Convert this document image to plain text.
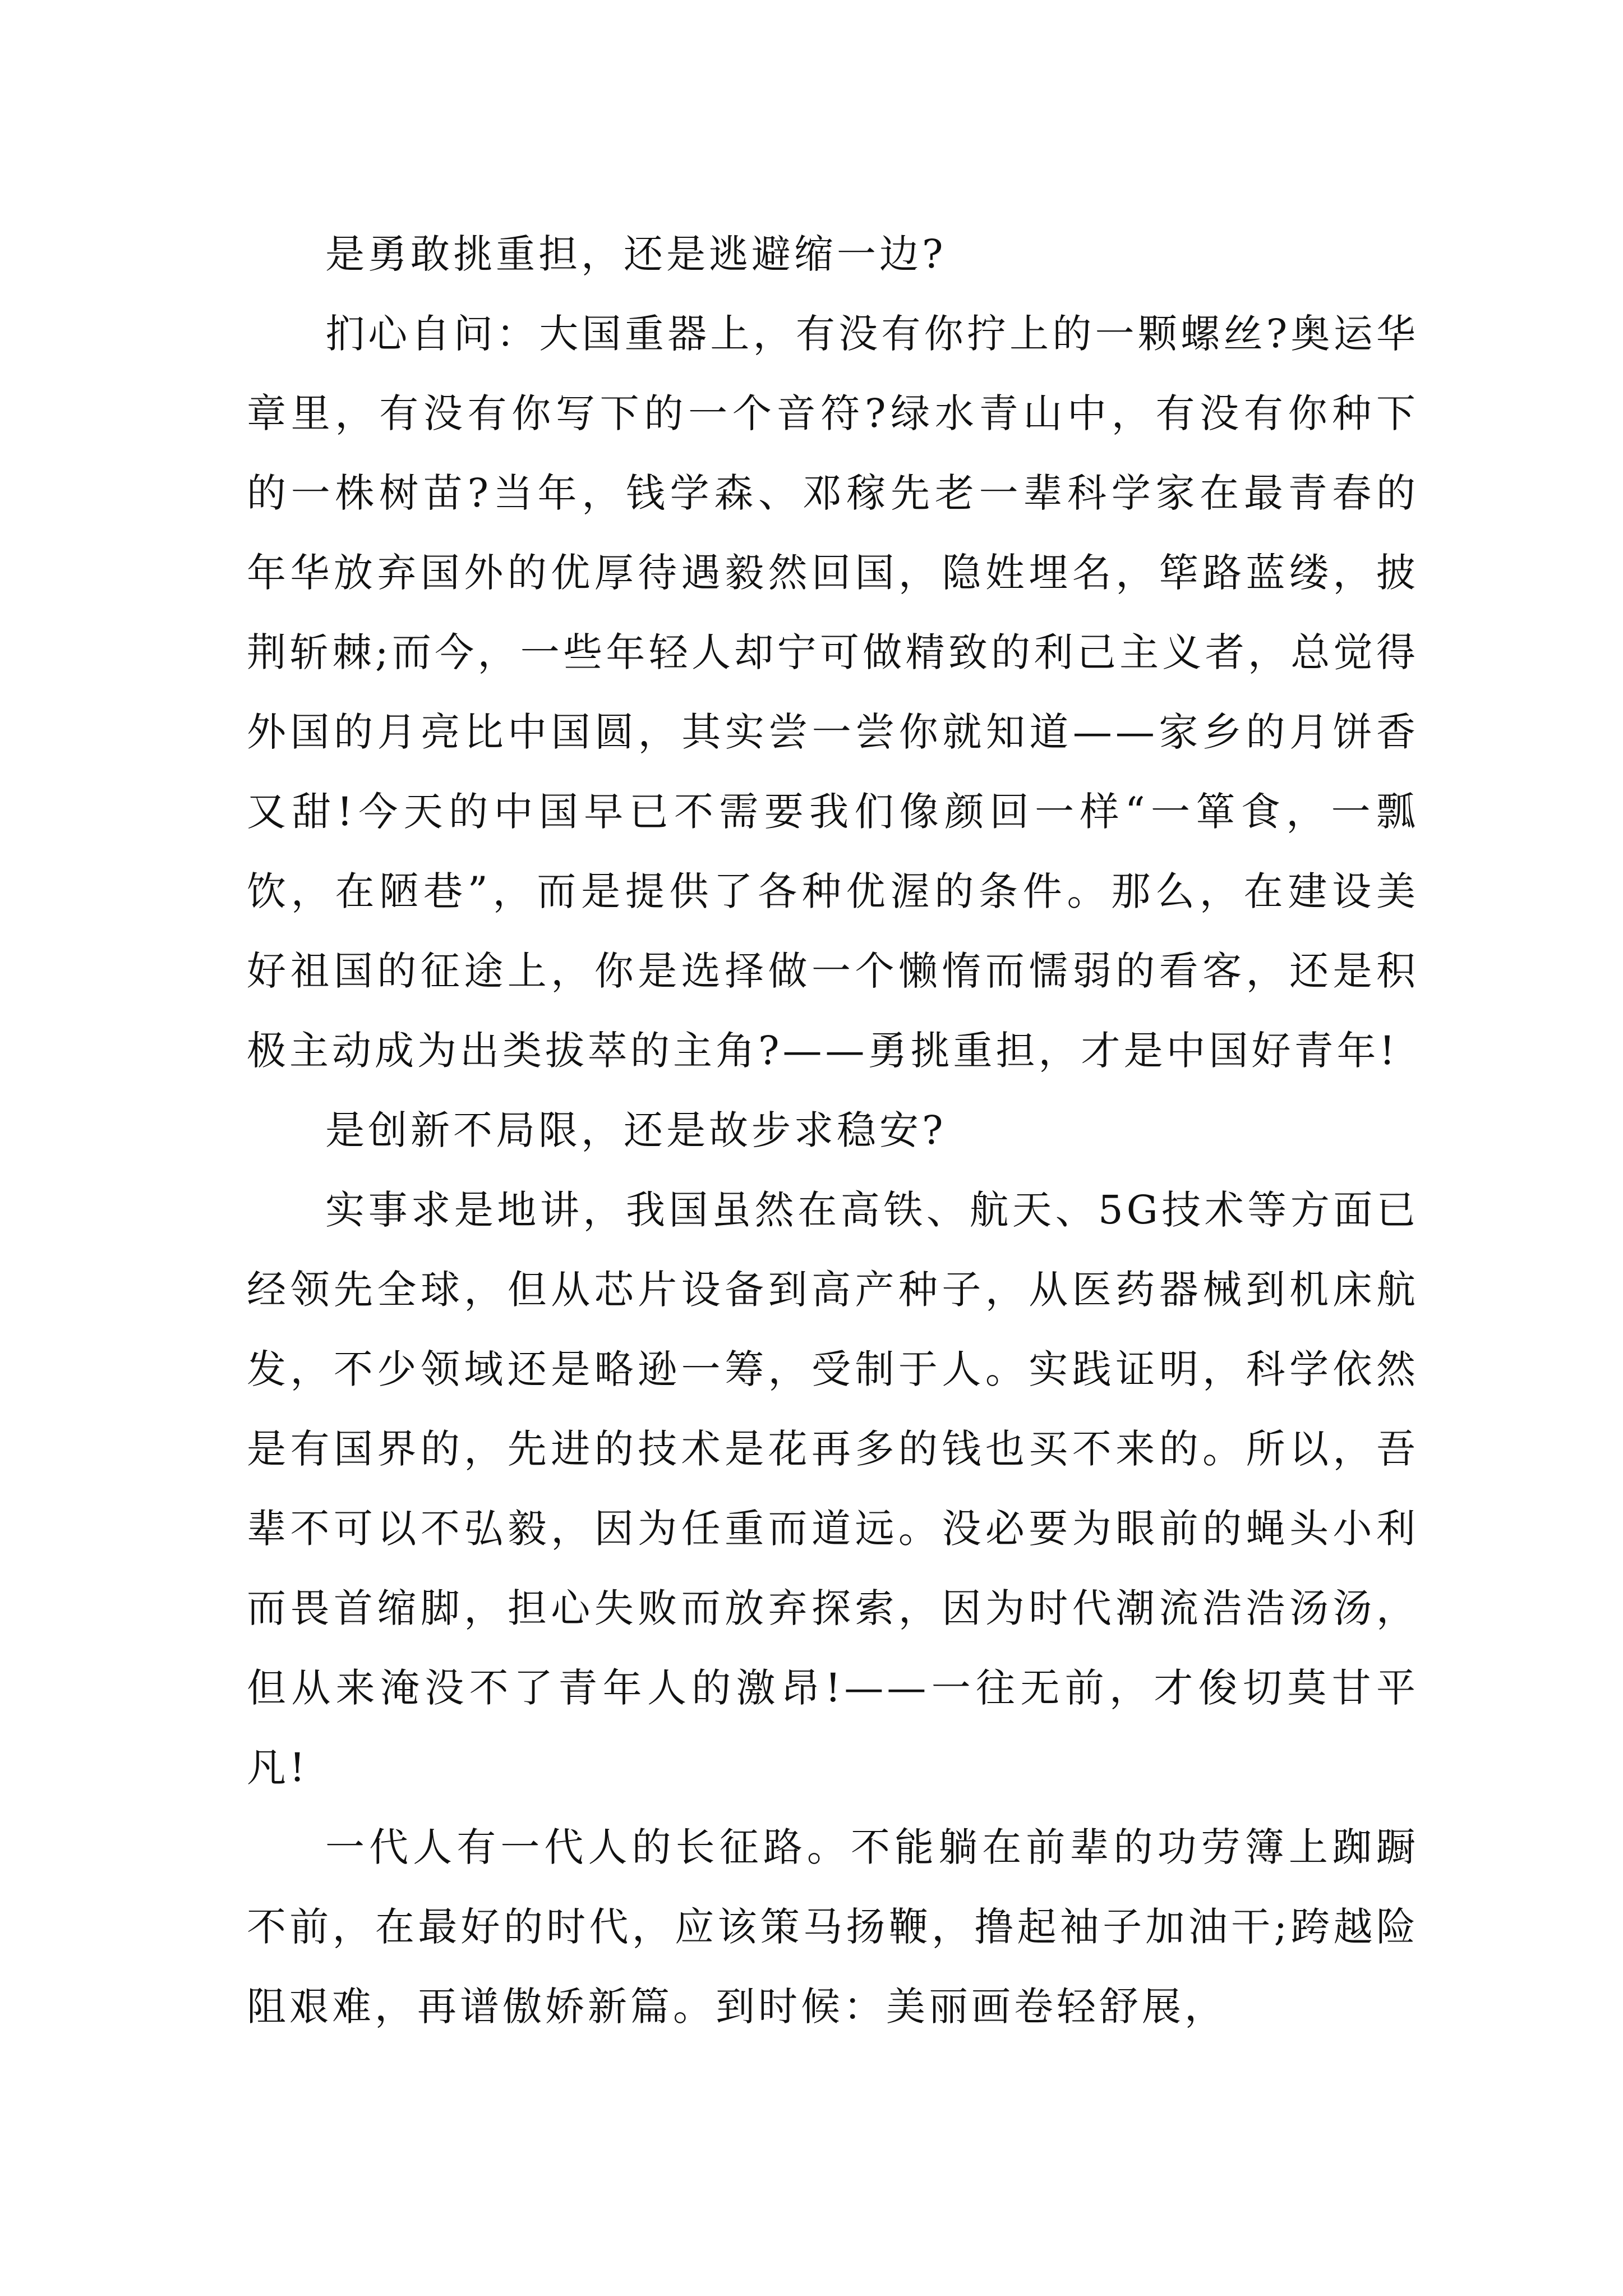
是勇敢挑重担，还是逃避缩一边?

扪心自问：大国重器上，有没有你拧上的一颗螺丝?奥运华章里，有没有你写下的一个音符?绿水青山中，有没有你种下的一株树苗?当年，钱学森、邓稼先老一辈科学家在最青春的年华放弃国外的优厚待遇毅然回国，隐姓埋名，筚路蓝缕，披荆斩棘;而今，一些年轻人却宁可做精致的利己主义者，总觉得外国的月亮比中国圆，其实尝一尝你就知道——家乡的月饼香又甜!今天的中国早已不需要我们像颜回一样“一箪食，一瓢饮，在陋巷”，而是提供了各种优渥的条件。那么，在建设美好祖国的征途上，你是选择做一个懒惰而懦弱的看客，还是积极主动成为出类拔萃的主角?——勇挑重担，才是中国好青年!

是创新不局限，还是故步求稳安?

实事求是地讲，我国虽然在高铁、航天、5G技术等方面已经领先全球，但从芯片设备到高产种子，从医药器械到机床航发，不少领域还是略逊一筹，受制于人。实践证明，科学依然是有国界的，先进的技术是花再多的钱也买不来的。所以，吾辈不可以不弘毅，因为任重而道远。没必要为眼前的蝇头小利而畏首缩脚，担心失败而放弃探索，因为时代潮流浩浩汤汤，但从来淹没不了青年人的激昂!——一往无前，才俊切莫甘平凡!

一代人有一代人的长征路。不能躺在前辈的功劳簿上踟蹰不前，在最好的时代，应该策马扬鞭，撸起袖子加油干;跨越险阻艰难，再谱傲娇新篇。到时候：美丽画卷轻舒展，
